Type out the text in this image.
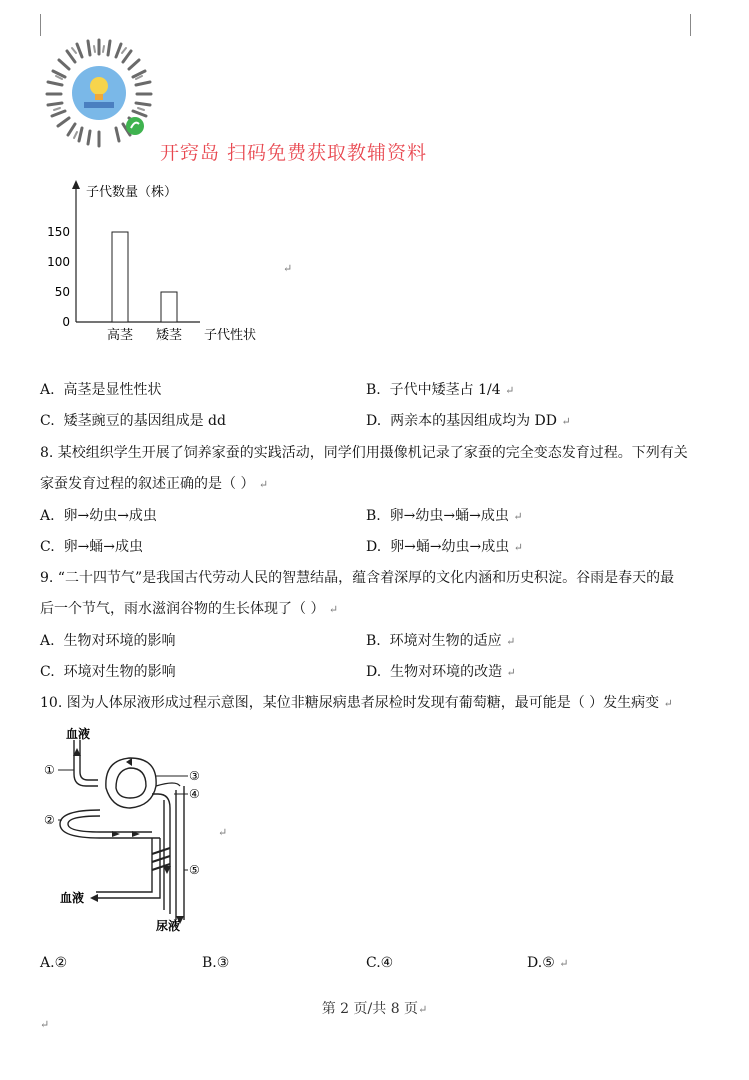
开窍岛 扫码免费获取教辅资料
子代数量（株）
子代性状
0
50
100
150
高茎 矮茎
↵
A. 高茎是显性性状	B. 子代中矮茎占 1/4 ↵
C. 矮茎豌豆的基因组成是 dd	D. 两亲本的基因组成均为 DD ↵
8. 某校组织学生开展了饲养家蚕的实践活动，同学们用摄像机记录了家蚕的完全变态发育过程。下列有关
家蚕发育过程的叙述正确的是（ ） ↵
A. 卵→幼虫→成虫	B. 卵→幼虫→蛹→成虫 ↵
C. 卵→蛹→成虫	D. 卵→蛹→幼虫→成虫 ↵
9. “二十四节气”是我国古代劳动人民的智慧结晶，蕴含着深厚的文化内涵和历史积淀。谷雨是春天的最
后一个节气，雨水滋润谷物的生长体现了（ ） ↵
A. 生物对环境的影响	B. 环境对生物的适应 ↵
C. 环境对生物的影响	D. 生物对环境的改造 ↵
10. 图为人体尿液形成过程示意图，某位非糖尿病患者尿检时发现有葡萄糖，最可能是（ ）发生病变 ↵
血液
①
②
③
④
⑤
血液
尿液
↵
A.②	B.③	C.④	D.⑤ ↵
第 2 页/共 8 页↵
↵
